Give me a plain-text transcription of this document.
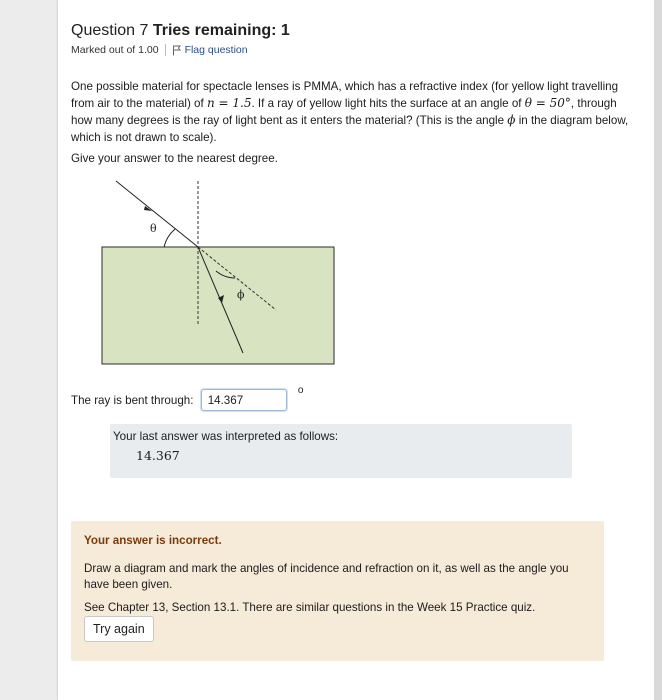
Question 7 Tries remaining: 1
Marked out of 1.00 Flag question

One possible material for spectacle lenses is PMMA, which has a refractive index (for yellow light travelling from air to the material) of n = 1.5. If a ray of yellow light hits the surface at an angle of θ = 50°, through how many degrees is the ray of light bent as it enters the material? (This is the angle ϕ in the diagram below, which is not drawn to scale).

Give your answer to the nearest degree.
θ
ϕ
The ray is bent through: 14.367 o
Your last answer was interpreted as follows:
14.367
Your answer is incorrect.
Draw a diagram and mark the angles of incidence and refraction on it, as well as the angle you have been given.
See Chapter 13, Section 13.1. There are similar questions in the Week 15 Practice quiz.
Try again
